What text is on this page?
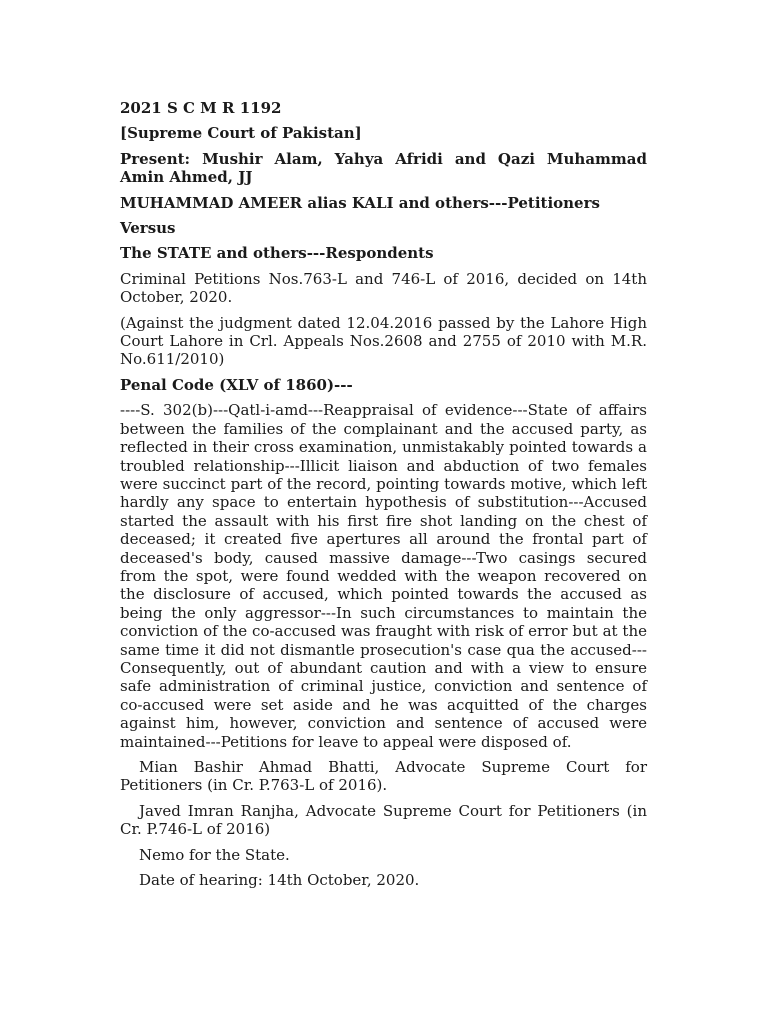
2021 S C M R 1192

[Supreme Court of Pakistan]

Present: Mushir Alam, Yahya Afridi and Qazi Muhammad Amin Ahmed, JJ

MUHAMMAD AMEER alias KALI and others---Petitioners

Versus

The STATE and others---Respondents

Criminal Petitions Nos.763-L and 746-L of 2016, decided on 14th October, 2020.

(Against the judgment dated 12.04.2016 passed by the Lahore High Court Lahore in Crl. Appeals Nos.2608 and 2755 of 2010 with M.R. No.611/2010)

Penal Code (XLV of 1860)---

----S. 302(b)---Qatl-i-amd---Reappraisal of evidence---State of affairs between the families of the complainant and the accused party, as reflected in their cross examination, unmistakably pointed towards a troubled relationship---Illicit liaison and abduction of two females were succinct part of the record, pointing towards motive, which left hardly any space to entertain hypothesis of substitution---Accused started the assault with his first fire shot landing on the chest of deceased; it created five apertures all around the frontal part of deceased's body, caused massive damage---Two casings secured from the spot, were found wedded with the weapon recovered on the disclosure of accused, which pointed towards the accused as being the only aggressor---In such circumstances to maintain the conviction of the co-accused was fraught with risk of error but at the same time it did not dismantle prosecution's case qua the accused---Consequently, out of abundant caution and with a view to ensure safe administration of criminal justice, conviction and sentence of co-accused were set aside and he was acquitted of the charges against him, however, conviction and sentence of accused were maintained---Petitions for leave to appeal were disposed of.

Mian Bashir Ahmad Bhatti, Advocate Supreme Court for Petitioners (in Cr. P.763-L of 2016).

Javed Imran Ranjha, Advocate Supreme Court for Petitioners (in Cr. P.746-L of 2016)

Nemo for the State.

Date of hearing: 14th October, 2020.
